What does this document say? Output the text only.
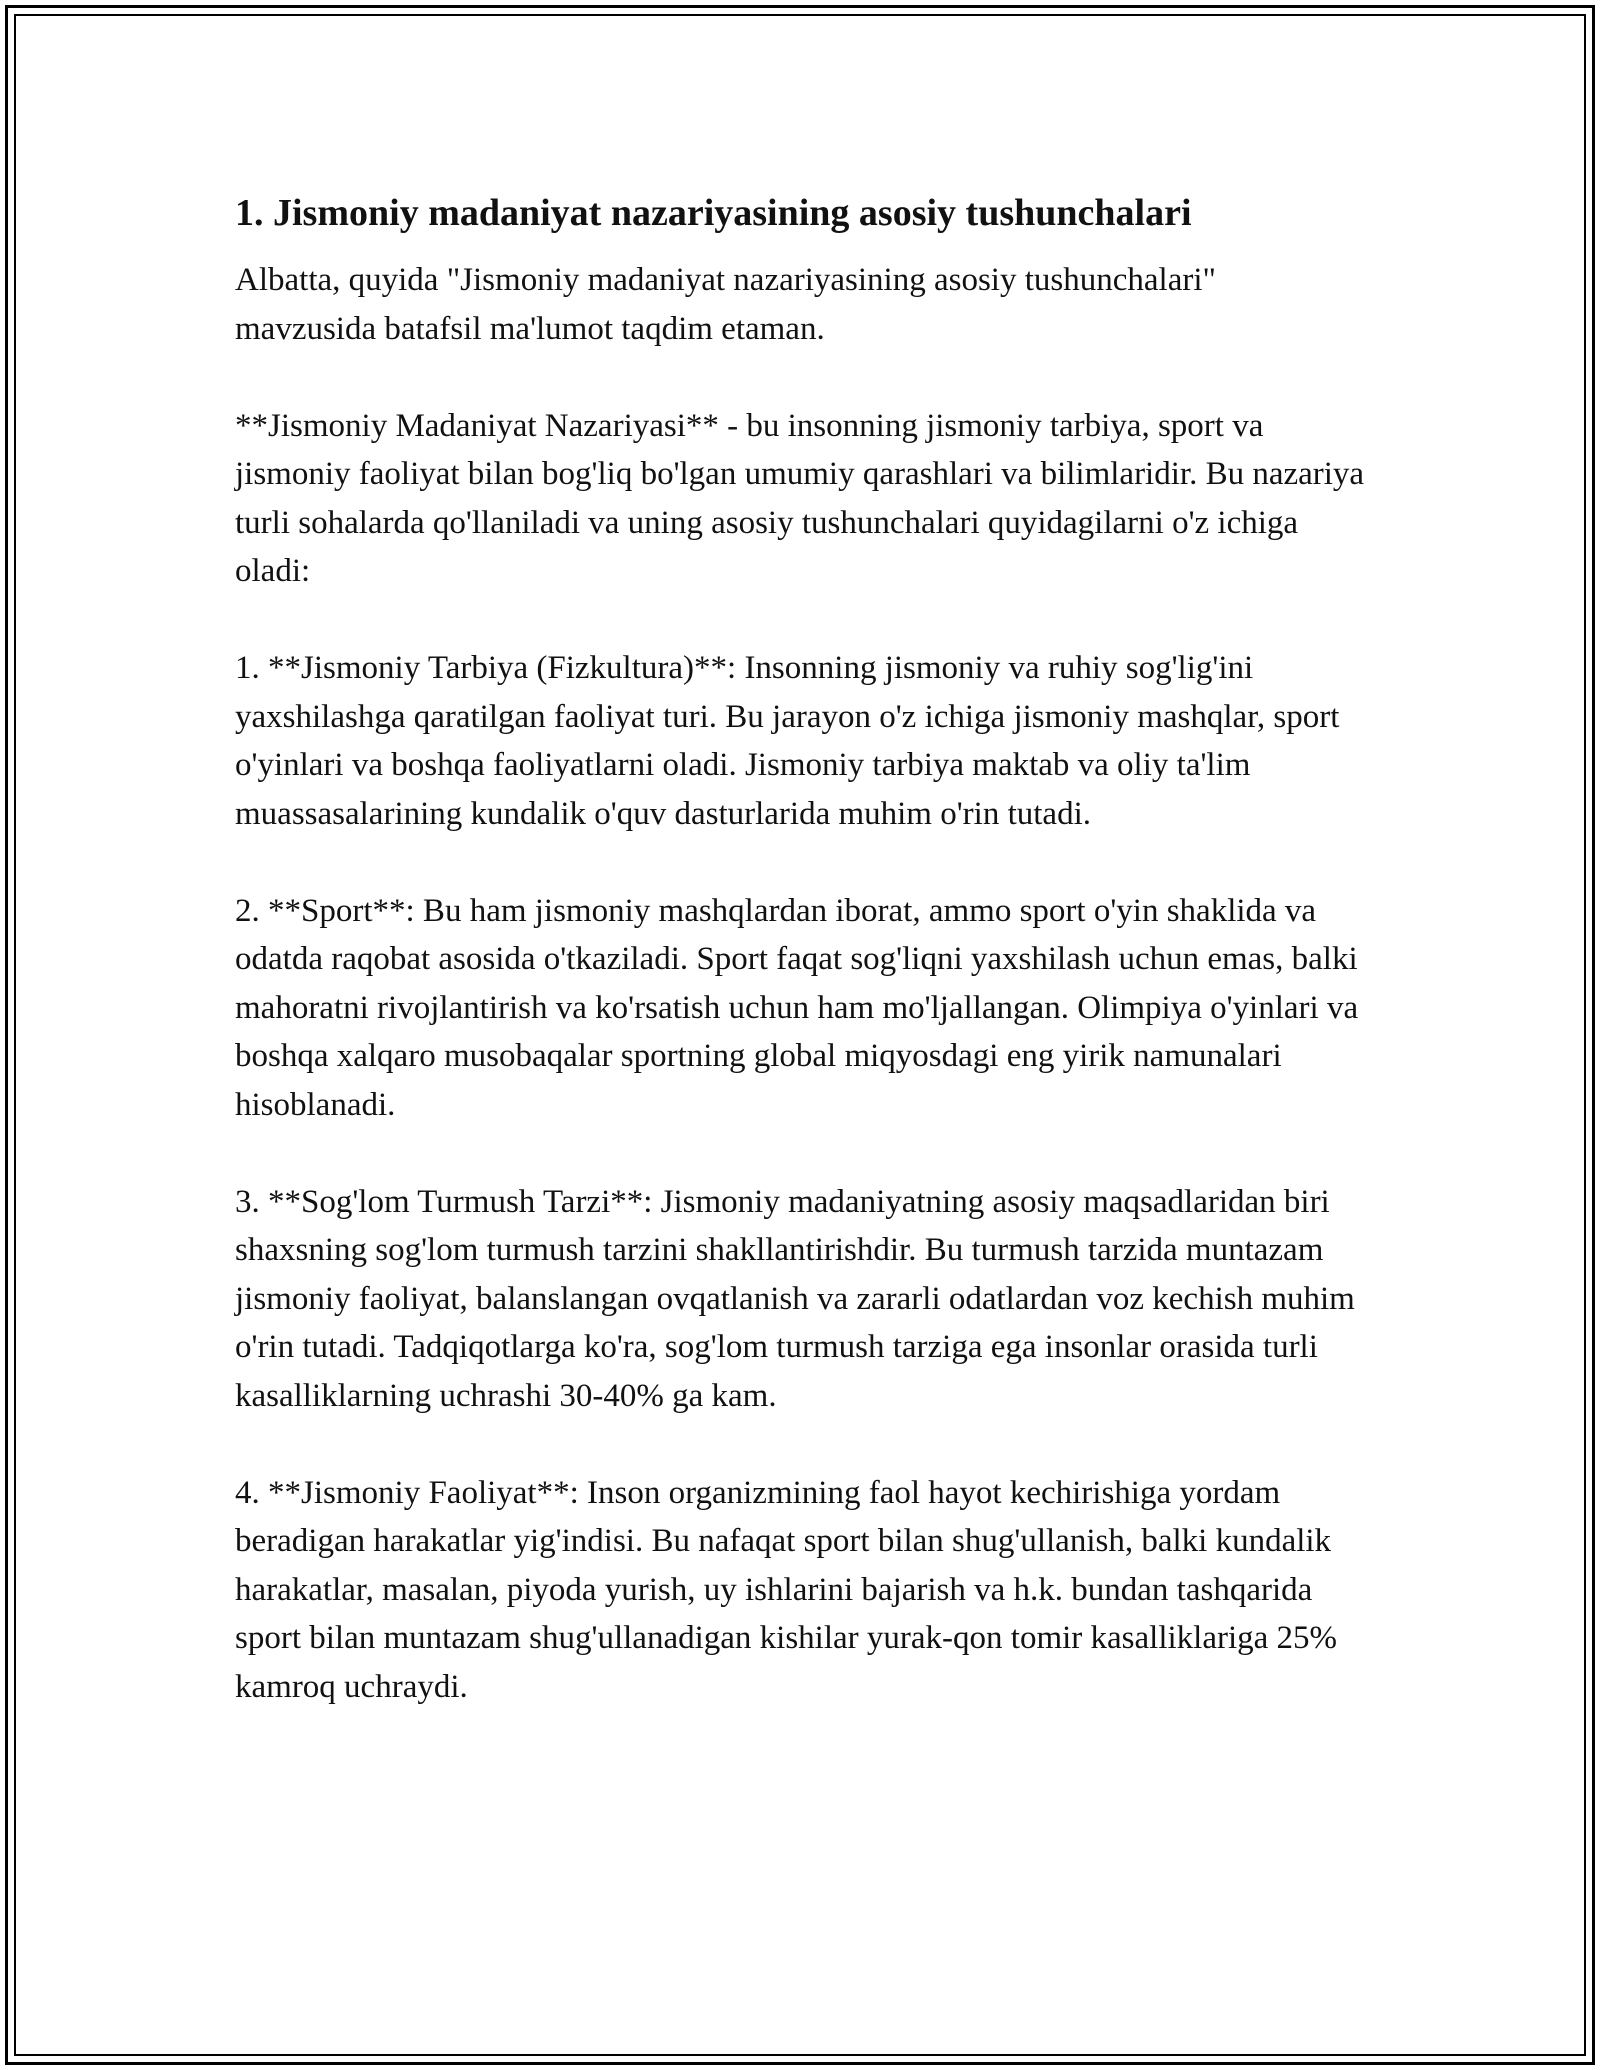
1. Jismoniy madaniyat nazariyasining asosiy tushunchalari

Albatta, quyida "Jismoniy madaniyat nazariyasining asosiy tushunchalari" mavzusida batafsil ma'lumot taqdim etaman.

**Jismoniy Madaniyat Nazariyasi** - bu insonning jismoniy tarbiya, sport va jismoniy faoliyat bilan bog'liq bo'lgan umumiy qarashlari va bilimlaridir. Bu nazariya turli sohalarda qo'llaniladi va uning asosiy tushunchalari quyidagilarni o'z ichiga oladi:

1. **Jismoniy Tarbiya (Fizkultura)**: Insonning jismoniy va ruhiy sog'lig'ini yaxshilashga qaratilgan faoliyat turi. Bu jarayon o'z ichiga jismoniy mashqlar, sport o'yinlari va boshqa faoliyatlarni oladi. Jismoniy tarbiya maktab va oliy ta'lim muassasalarining kundalik o'quv dasturlarida muhim o'rin tutadi.

2. **Sport**: Bu ham jismoniy mashqlardan iborat, ammo sport o'yin shaklida va odatda raqobat asosida o'tkaziladi. Sport faqat sog'liqni yaxshilash uchun emas, balki mahoratni rivojlantirish va ko'rsatish uchun ham mo'ljallangan. Olimpiya o'yinlari va boshqa xalqaro musobaqalar sportning global miqyosdagi eng yirik namunalari hisoblanadi.

3. **Sog'lom Turmush Tarzi**: Jismoniy madaniyatning asosiy maqsadlaridan biri shaxsning sog'lom turmush tarzini shakllantirishdir. Bu turmush tarzida muntazam jismoniy faoliyat, balanslangan ovqatlanish va zararli odatlardan voz kechish muhim o'rin tutadi. Tadqiqotlarga ko'ra, sog'lom turmush tarziga ega insonlar orasida turli kasalliklarning uchrashi 30-40% ga kam.

4. **Jismoniy Faoliyat**: Inson organizmining faol hayot kechirishiga yordam beradigan harakatlar yig'indisi. Bu nafaqat sport bilan shug'ullanish, balki kundalik harakatlar, masalan, piyoda yurish, uy ishlarini bajarish va h.k. bundan tashqarida sport bilan muntazam shug'ullanadigan kishilar yurak-qon tomir kasalliklariga 25% kamroq uchraydi.
